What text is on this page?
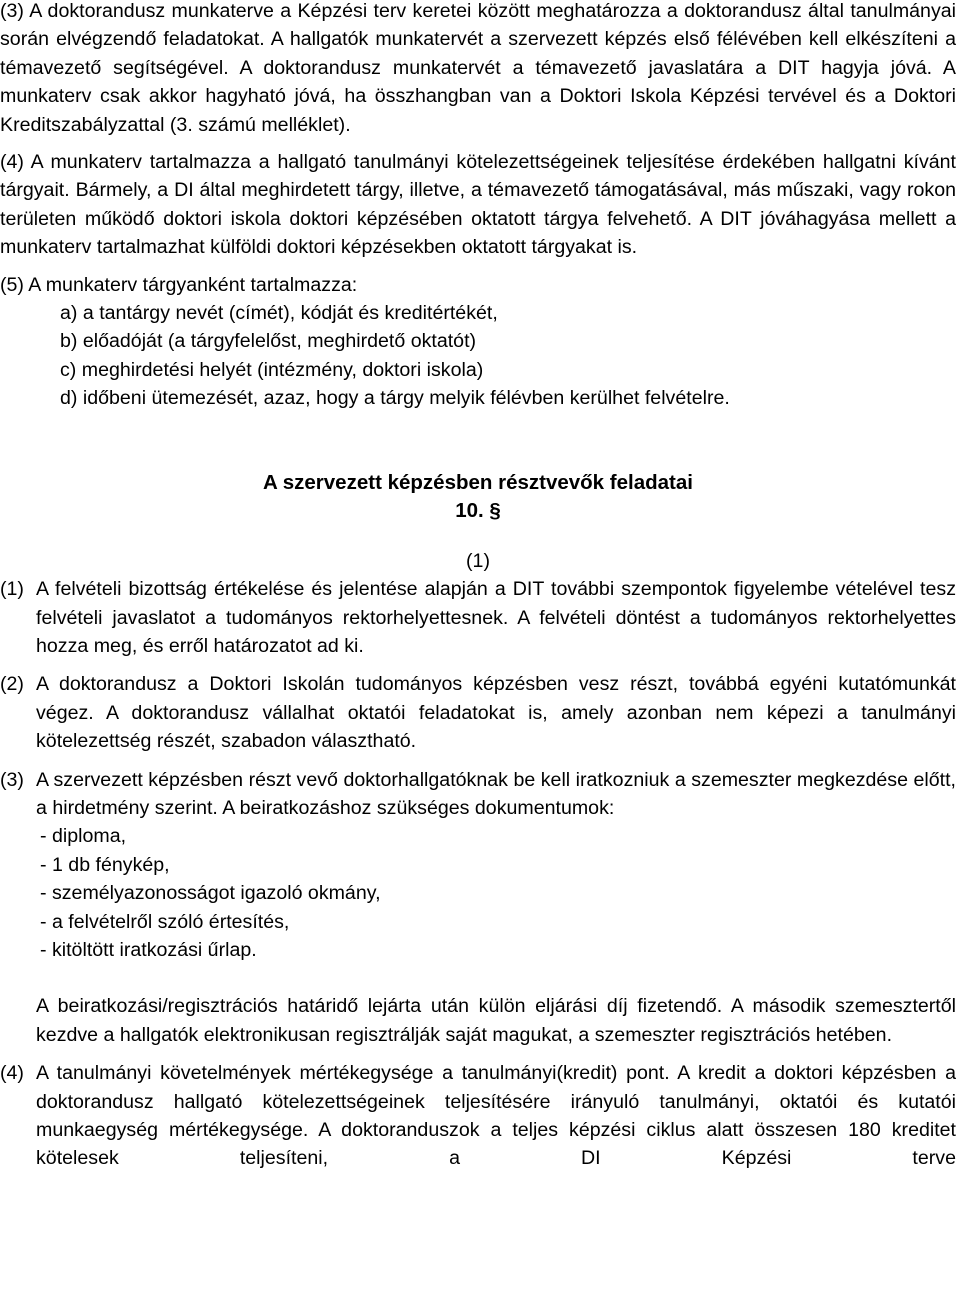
(3) A doktorandusz munkaterve a Képzési terv keretei között meghatározza a doktorandusz által tanulmányai során elvégzendő feladatokat. A hallgatók munkatervét a szervezett képzés első félévében kell elkészíteni a témavezető segítségével. A doktorandusz munkatervét a témavezető javaslatára a DIT hagyja jóvá. A munkaterv csak akkor hagyható jóvá, ha összhangban van a Doktori Iskola Képzési tervével és a Doktori Kreditszabályzattal (3. számú melléklet).

(4) A munkaterv tartalmazza a hallgató tanulmányi kötelezettségeinek teljesítése érdekében hallgatni kívánt tárgyait. Bármely, a DI által meghirdetett tárgy, illetve, a témavezető támogatásával, más műszaki, vagy rokon területen működő doktori iskola doktori képzésében oktatott tárgya felvehető. A DIT jóváhagyása mellett a munkaterv tartalmazhat külföldi doktori képzésekben oktatott tárgyakat is.

(5) A munkaterv tárgyanként tartalmazza:

a) a tantárgy nevét (címét), kódját és kreditértékét,

b) előadóját (a tárgyfelelőst, meghirdető oktatót)

c) meghirdetési helyét (intézmény, doktori iskola)

d) időbeni ütemezését, azaz, hogy a tárgy melyik félévben kerülhet felvételre.

A szervezett képzésben résztvevők feladatai

10. §

(1)

(1) A felvételi bizottság értékelése és jelentése alapján a DIT további szempontok figyelembe vételével tesz felvételi javaslatot a tudományos rektorhelyettesnek. A felvételi döntést a tudományos rektorhelyettes hozza meg, és erről határozatot ad ki.

(2) A doktorandusz a Doktori Iskolán tudományos képzésben vesz részt, továbbá egyéni kutatómunkát végez. A doktorandusz vállalhat oktatói feladatokat is, amely azonban nem képezi a tanulmányi kötelezettség részét, szabadon választható.

(3) A szervezett képzésben részt vevő doktorhallgatóknak be kell iratkozniuk a szemeszter megkezdése előtt, a hirdetmény szerint. A beiratkozáshoz szükséges dokumentumok:

- diploma,

- 1 db fénykép,

- személyazonosságot igazoló okmány,

- a felvételről szóló értesítés,

- kitöltött iratkozási űrlap.

A beiratkozási/regisztrációs határidő lejárta után külön eljárási díj fizetendő. A második szemesztertől kezdve a hallgatók elektronikusan regisztrálják saját magukat, a szemeszter regisztrációs hetében.

(4) A tanulmányi követelmények mértékegysége a tanulmányi(kredit) pont. A kredit a doktori képzésben a doktorandusz hallgató kötelezettségeinek teljesítésére irányuló tanulmányi, oktatói és kutatói munkaegység mértékegysége. A doktoranduszok a teljes képzési ciklus alatt összesen 180 kreditet kötelesek teljesíteni, a DI Képzési terve
